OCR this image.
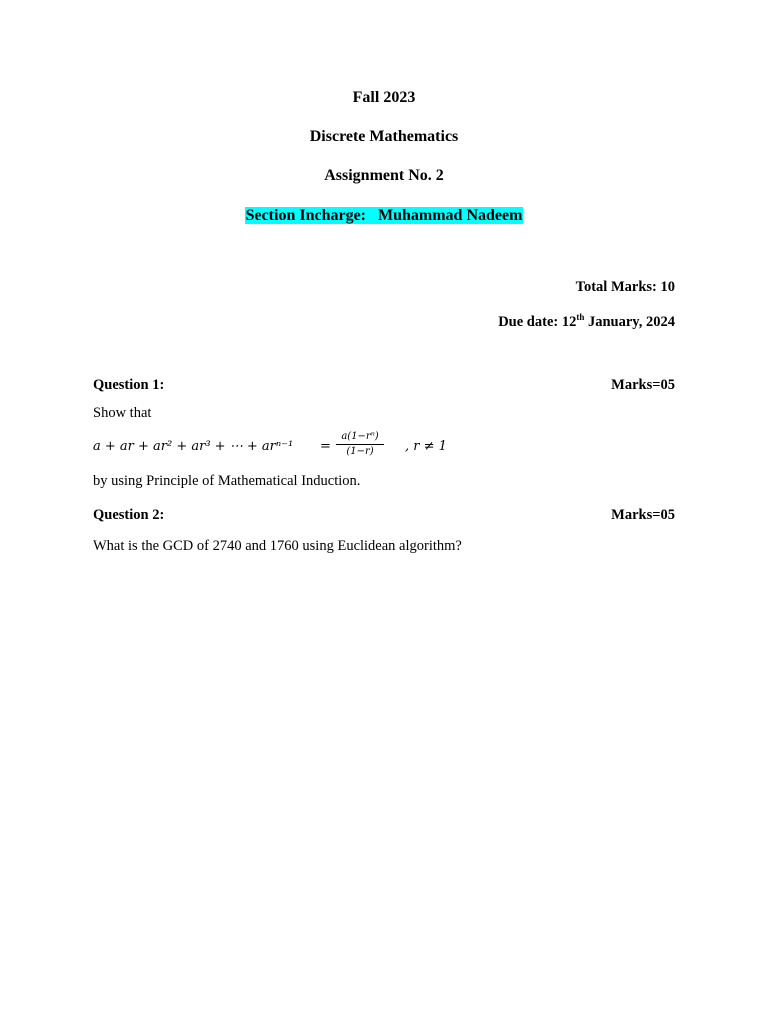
Fall 2023
Discrete Mathematics
Assignment No. 2
Section Incharge: Muhammad Nadeem
Total Marks: 10
Due date: 12th January, 2024
Question 1:	Marks=05
Show that
a + ar + ar² + ar³ + ⋯ + $ar^{n-1} = \frac{\text{a(1−rⁿ)}}{(1-r)}$ , r ≠ 1
by using Principle of Mathematical Induction.
Question 2:	Marks=05
What is the GCD of 2740 and 1760 using Euclidean algorithm?
